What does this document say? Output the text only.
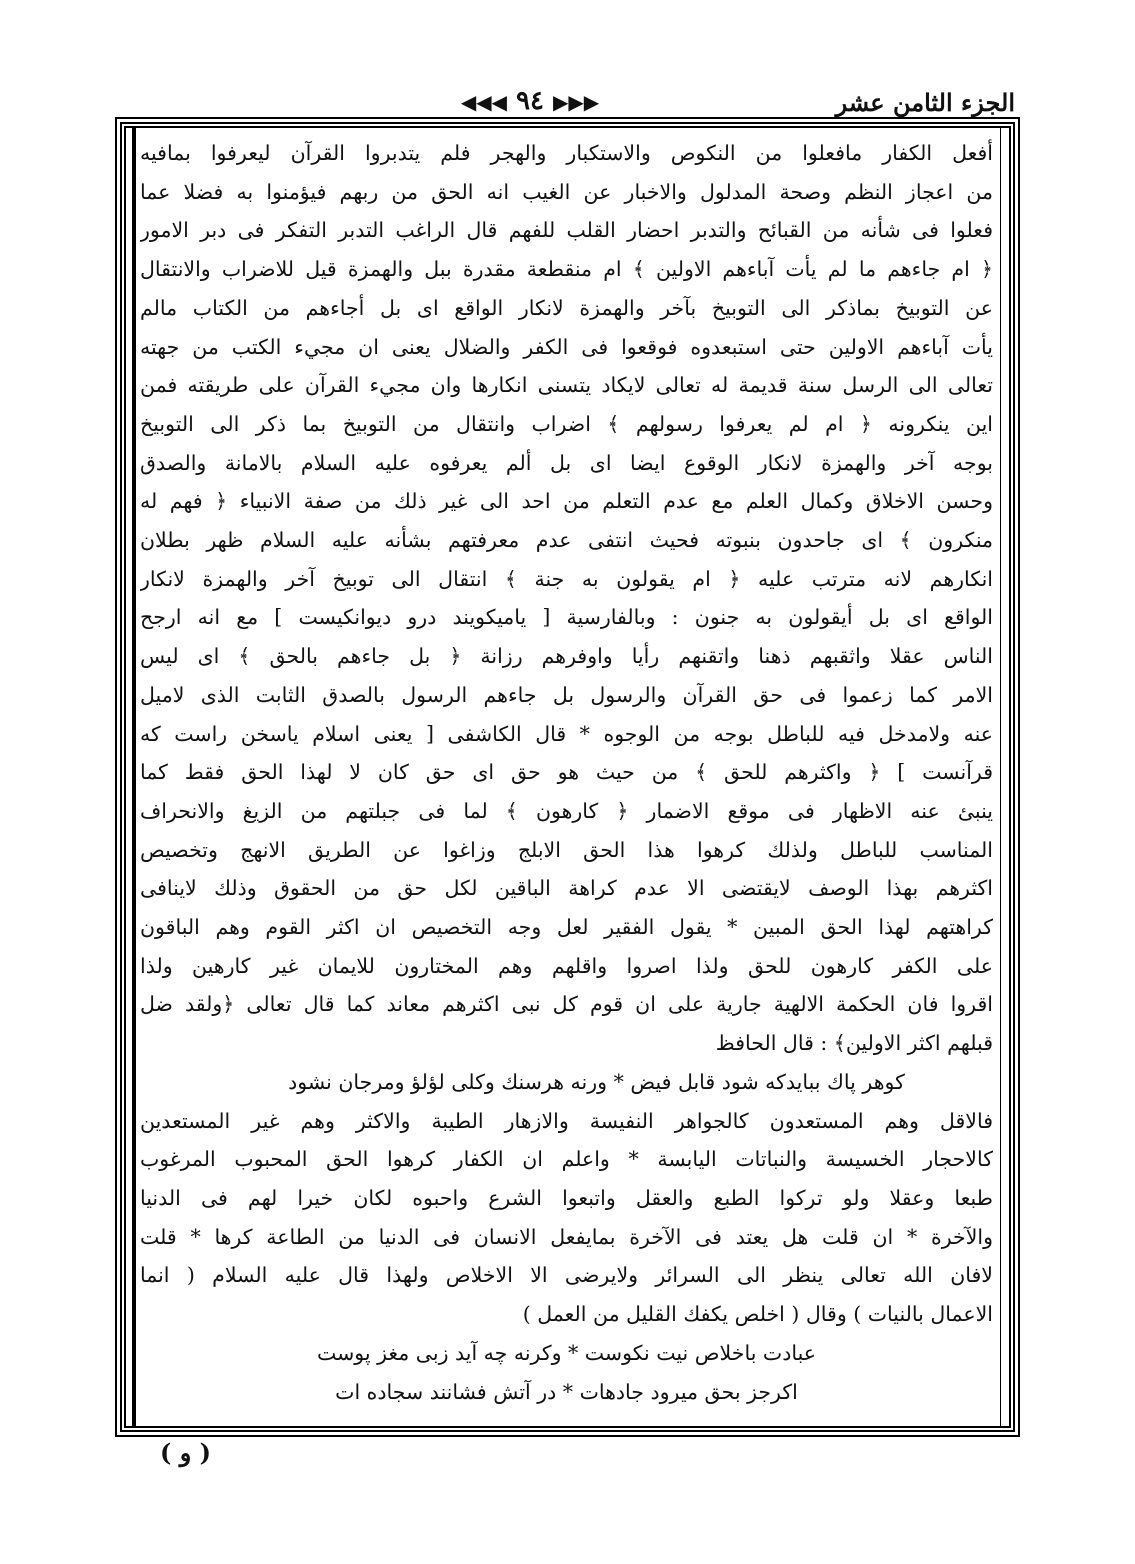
الجزء الثامن عشر
◀◀◀ ٩٤ ▶▶▶
أفعل الكفار مافعلوا من النكوص والاستكبار والهجر فلم يتدبروا القرآن ليعرفوا بمافيه
من اعجاز النظم وصحة المدلول والاخبار عن الغيب انه الحق من ربهم فيؤمنوا به فضلا عما
فعلوا فى شأنه من القبائح والتدبر احضار القلب للفهم قال الراغب التدبر التفكر فى دبر الامور
﴿ ام جاءهم ما لم يأت آباءهم الاولين ﴾ ام منقطعة مقدرة ببل والهمزة قيل للاضراب والانتقال
عن التوبيخ بماذكر الى التوبيخ بآخر والهمزة لانكار الواقع اى بل أجاءهم من الكتاب مالم
يأت آباءهم الاولين حتى استبعدوه فوقعوا فى الكفر والضلال يعنى ان مجيء الكتب من جهته
تعالى الى الرسل سنة قديمة له تعالى لايكاد يتسنى انكارها وان مجيء القرآن على طريقته فمن
اين ينكرونه ﴿ ام لم يعرفوا رسولهم ﴾ اضراب وانتقال من التوبيخ بما ذكر الى التوبيخ
بوجه آخر والهمزة لانكار الوقوع ايضا اى بل ألم يعرفوه عليه السلام بالامانة والصدق
وحسن الاخلاق وكمال العلم مع عدم التعلم من احد الى غير ذلك من صفة الانبياء ﴿ فهم له
منكرون ﴾ اى جاحدون بنبوته فحيث انتفى عدم معرفتهم بشأنه عليه السلام ظهر بطلان
انكارهم لانه مترتب عليه ﴿ ام يقولون به جنة ﴾ انتقال الى توبيخ آخر والهمزة لانكار
الواقع اى بل أيقولون به جنون : وبالفارسية [ ياميكويند درو ديوانكيست ] مع انه ارجح
الناس عقلا واثقبهم ذهنا واتقنهم رأيا واوفرهم رزانة ﴿ بل جاءهم بالحق ﴾ اى ليس
الامر كما زعموا فى حق القرآن والرسول بل جاءهم الرسول بالصدق الثابت الذى لاميل
عنه ولامدخل فيه للباطل بوجه من الوجوه * قال الكاشفى [ يعنى اسلام ياسخن راست كه
قرآنست ] ﴿ واكثرهم للحق ﴾ من حيث هو حق اى حق كان لا لهذا الحق فقط كما
ينبئ عنه الاظهار فى موقع الاضمار ﴿ كارهون ﴾ لما فى جبلتهم من الزيغ والانحراف
المناسب للباطل ولذلك كرهوا هذا الحق الابلج وزاغوا عن الطريق الانهج وتخصيص
اكثرهم بهذا الوصف لايقتضى الا عدم كراهة الباقين لكل حق من الحقوق وذلك لاينافى
كراهتهم لهذا الحق المبين * يقول الفقير لعل وجه التخصيص ان اكثر القوم وهم الباقون
على الكفر كارهون للحق ولذا اصروا واقلهم وهم المختارون للايمان غير كارهين ولذا
اقروا فان الحكمة الالهية جارية على ان قوم كل نبى اكثرهم معاند كما قال تعالى ﴿ولقد ضل
قبلهم اكثر الاولين﴾ : قال الحافظ
كوهر پاك ببايدكه شود قابل فيض * ورنه هرسنك وكلى لؤلؤ ومرجان نشود
فالاقل وهم المستعدون كالجواهر النفيسة والازهار الطيبة والاكثر وهم غير المستعدين
كالاحجار الخسيسة والنباتات اليابسة * واعلم ان الكفار كرهوا الحق المحبوب المرغوب
طبعا وعقلا ولو تركوا الطبع والعقل واتبعوا الشرع واحبوه لكان خيرا لهم فى الدنيا
والآخرة * ان قلت هل يعتد فى الآخرة بمايفعل الانسان فى الدنيا من الطاعة كرها * قلت
لافان الله تعالى ينظر الى السرائر ولايرضى الا الاخلاص ولهذا قال عليه السلام ( انما
الاعمال بالنيات ) وقال ( اخلص يكفك القليل من العمل )
عبادت باخلاص نيت نكوست * وكرنه چه آيد زبى مغز پوست
اكرجز بحق ميرود جادهات * در آتش فشانند سجاده ات
( و )
